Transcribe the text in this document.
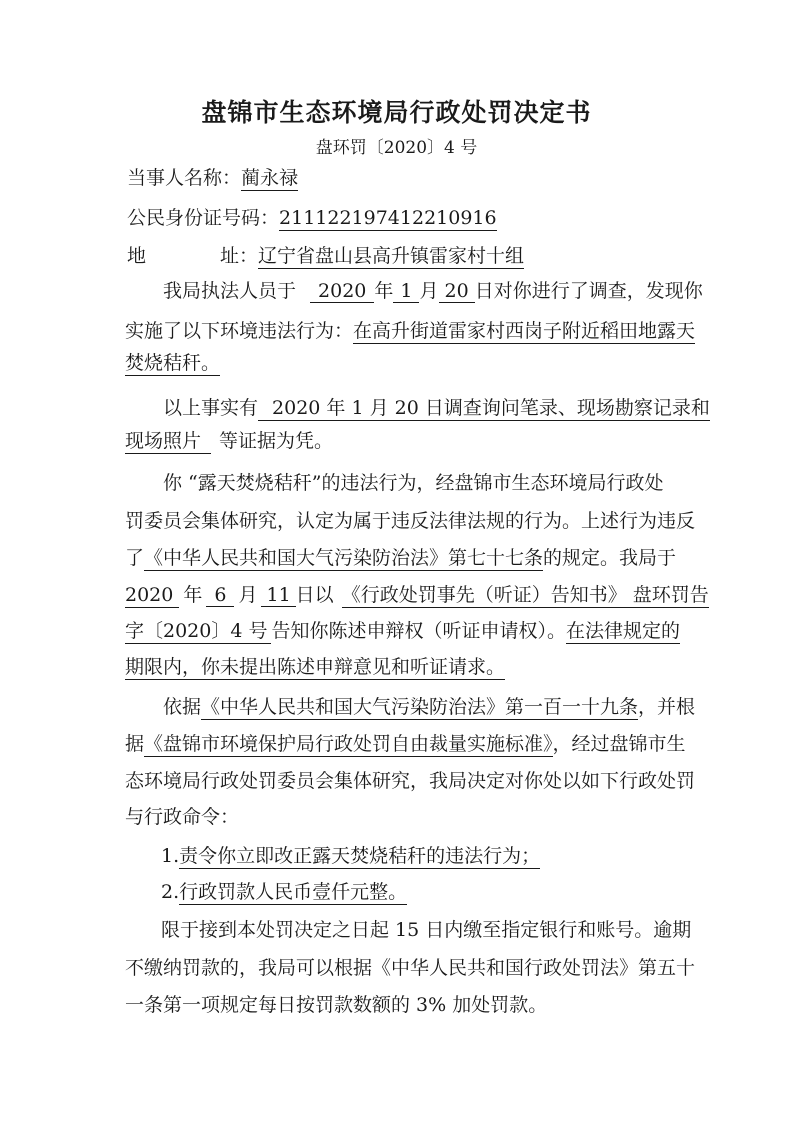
盘锦市生态环境局行政处罚决定书
盘环罚〔2020〕4 号
当事人名称：蔺永禄
公民身份证号码：211122197412210916
地	址：辽宁省盘山县高升镇雷家村十组
我局执法人员于 2020 年 1 月 20 日对你进行了调查，发现你
实施了以下环境违法行为：在高升街道雷家村西岗子附近稻田地露天
焚烧秸秆。
以上事实有 2020 年 1 月 20 日调查询问笔录、现场勘察记录和
现场照片 等证据为凭。
你 “露天焚烧秸秆”的违法行为，经盘锦市生态环境局行政处
罚委员会集体研究，认定为属于违反法律法规的行为。上述行为违反
了《中华人民共和国大气污染防治法》第七十七条的规定。我局于
2020 年 6 月 11 日以 《行政处罚事先（听证）告知书》 盘环罚告
字〔2020〕4 号 告知你陈述申辩权（听证申请权）。在法律规定的
期限内，你未提出陈述申辩意见和听证请求。
依据《中华人民共和国大气污染防治法》第一百一十九条，并根
据《盘锦市环境保护局行政处罚自由裁量实施标准》，经过盘锦市生
态环境局行政处罚委员会集体研究，我局决定对你处以如下行政处罚
与行政命令：
1.责令你立即改正露天焚烧秸秆的违法行为；
2.行政罚款人民币壹仟元整。
限于接到本处罚决定之日起 15 日内缴至指定银行和账号。逾期
不缴纳罚款的，我局可以根据《中华人民共和国行政处罚法》第五十
一条第一项规定每日按罚款数额的 3% 加处罚款。
